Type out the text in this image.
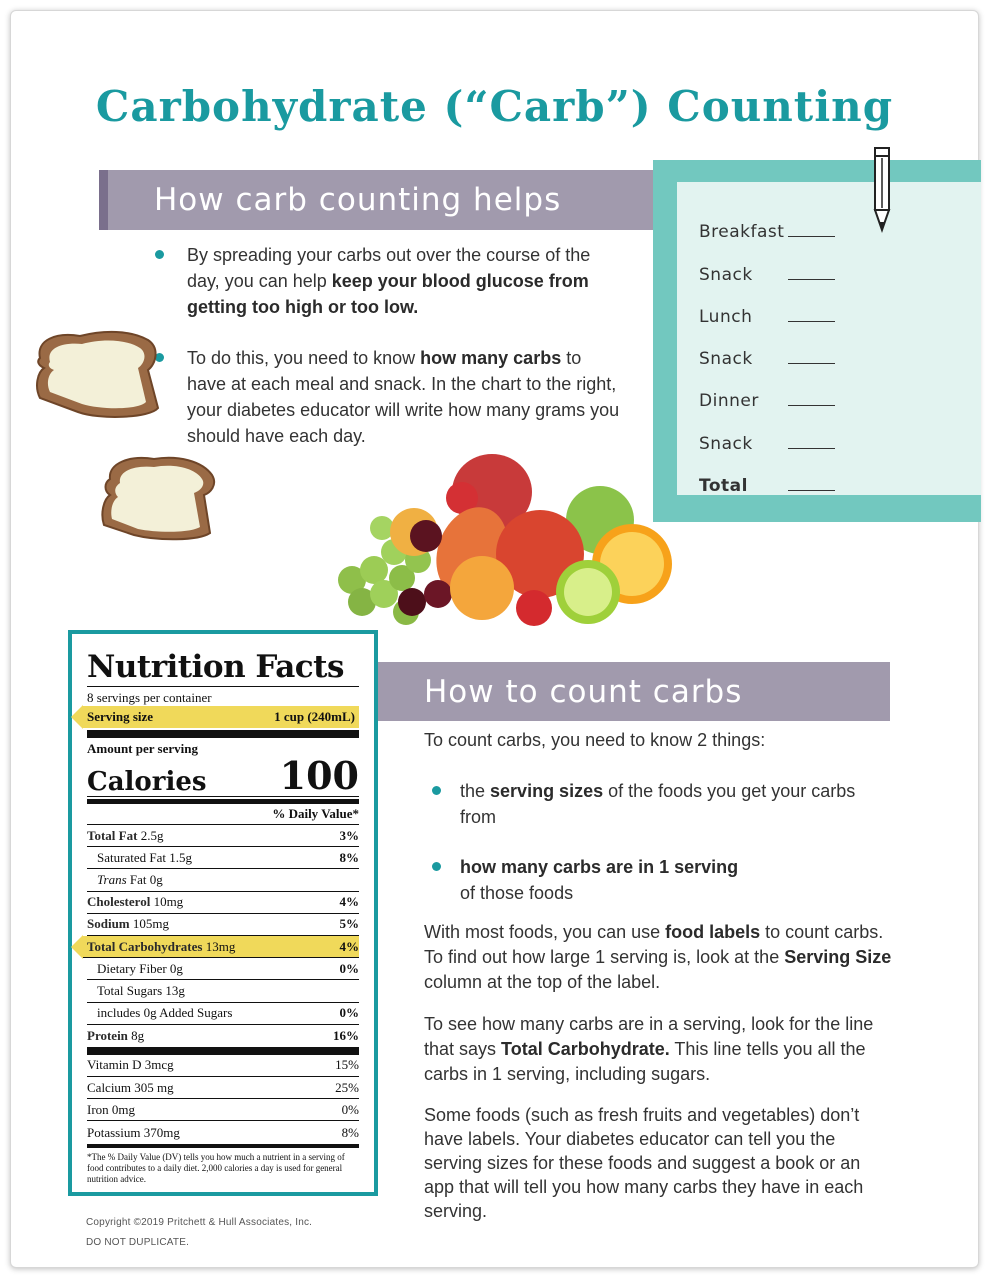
Carbohydrate (“Carb”) Counting
How carb counting helps
By spreading your carbs out over the course of the day, you can help keep your blood glucose from getting too high or too low.
To do this, you need to know how many carbs to have at each meal and snack. In the chart to the right, your diabetes educator will write how many grams you should have each day.
Breakfast
Snack
Lunch
Snack
Dinner
Snack
Total
Nutrition Facts
8 servings per container
Serving size	1 cup (240mL)
Amount per serving
Calories 100
% Daily Value*
Total Fat 2.5g	3%
Saturated Fat 1.5g	8%
Trans Fat 0g
Cholesterol 10mg	4%
Sodium 105mg	5%
Total Carbohydrates 13mg	4%
Dietary Fiber 0g	0%
Total Sugars 13g
includes 0g Added Sugars	0%
Protein 8g	16%
Vitamin D 3mcg	15%
Calcium 305 mg	25%
Iron 0mg	0%
Potassium 370mg	8%
*The % Daily Value (DV) tells you how much a nutrient in a serving of food contributes to a daily diet. 2,000 calories a day is used for general nutrition advice.
Copyright ©2019 Pritchett & Hull Associates, Inc.
DO NOT DUPLICATE.
How to count carbs

To count carbs, you need to know 2 things:

the serving sizes of the foods you get your carbs from
how many carbs are in 1 serving
of those foods

With most foods, you can use food labels to count carbs. To find out how large 1 serving is, look at the Serving Size column at the top of the label.

To see how many carbs are in a serving, look for the line that says Total Carbohydrate. This line tells you all the carbs in 1 serving, including sugars.

Some foods (such as fresh fruits and vegetables) don’t have labels. Your diabetes educator can tell you the serving sizes for these foods and suggest a book or an app that will tell you how many carbs they have in each serving.
